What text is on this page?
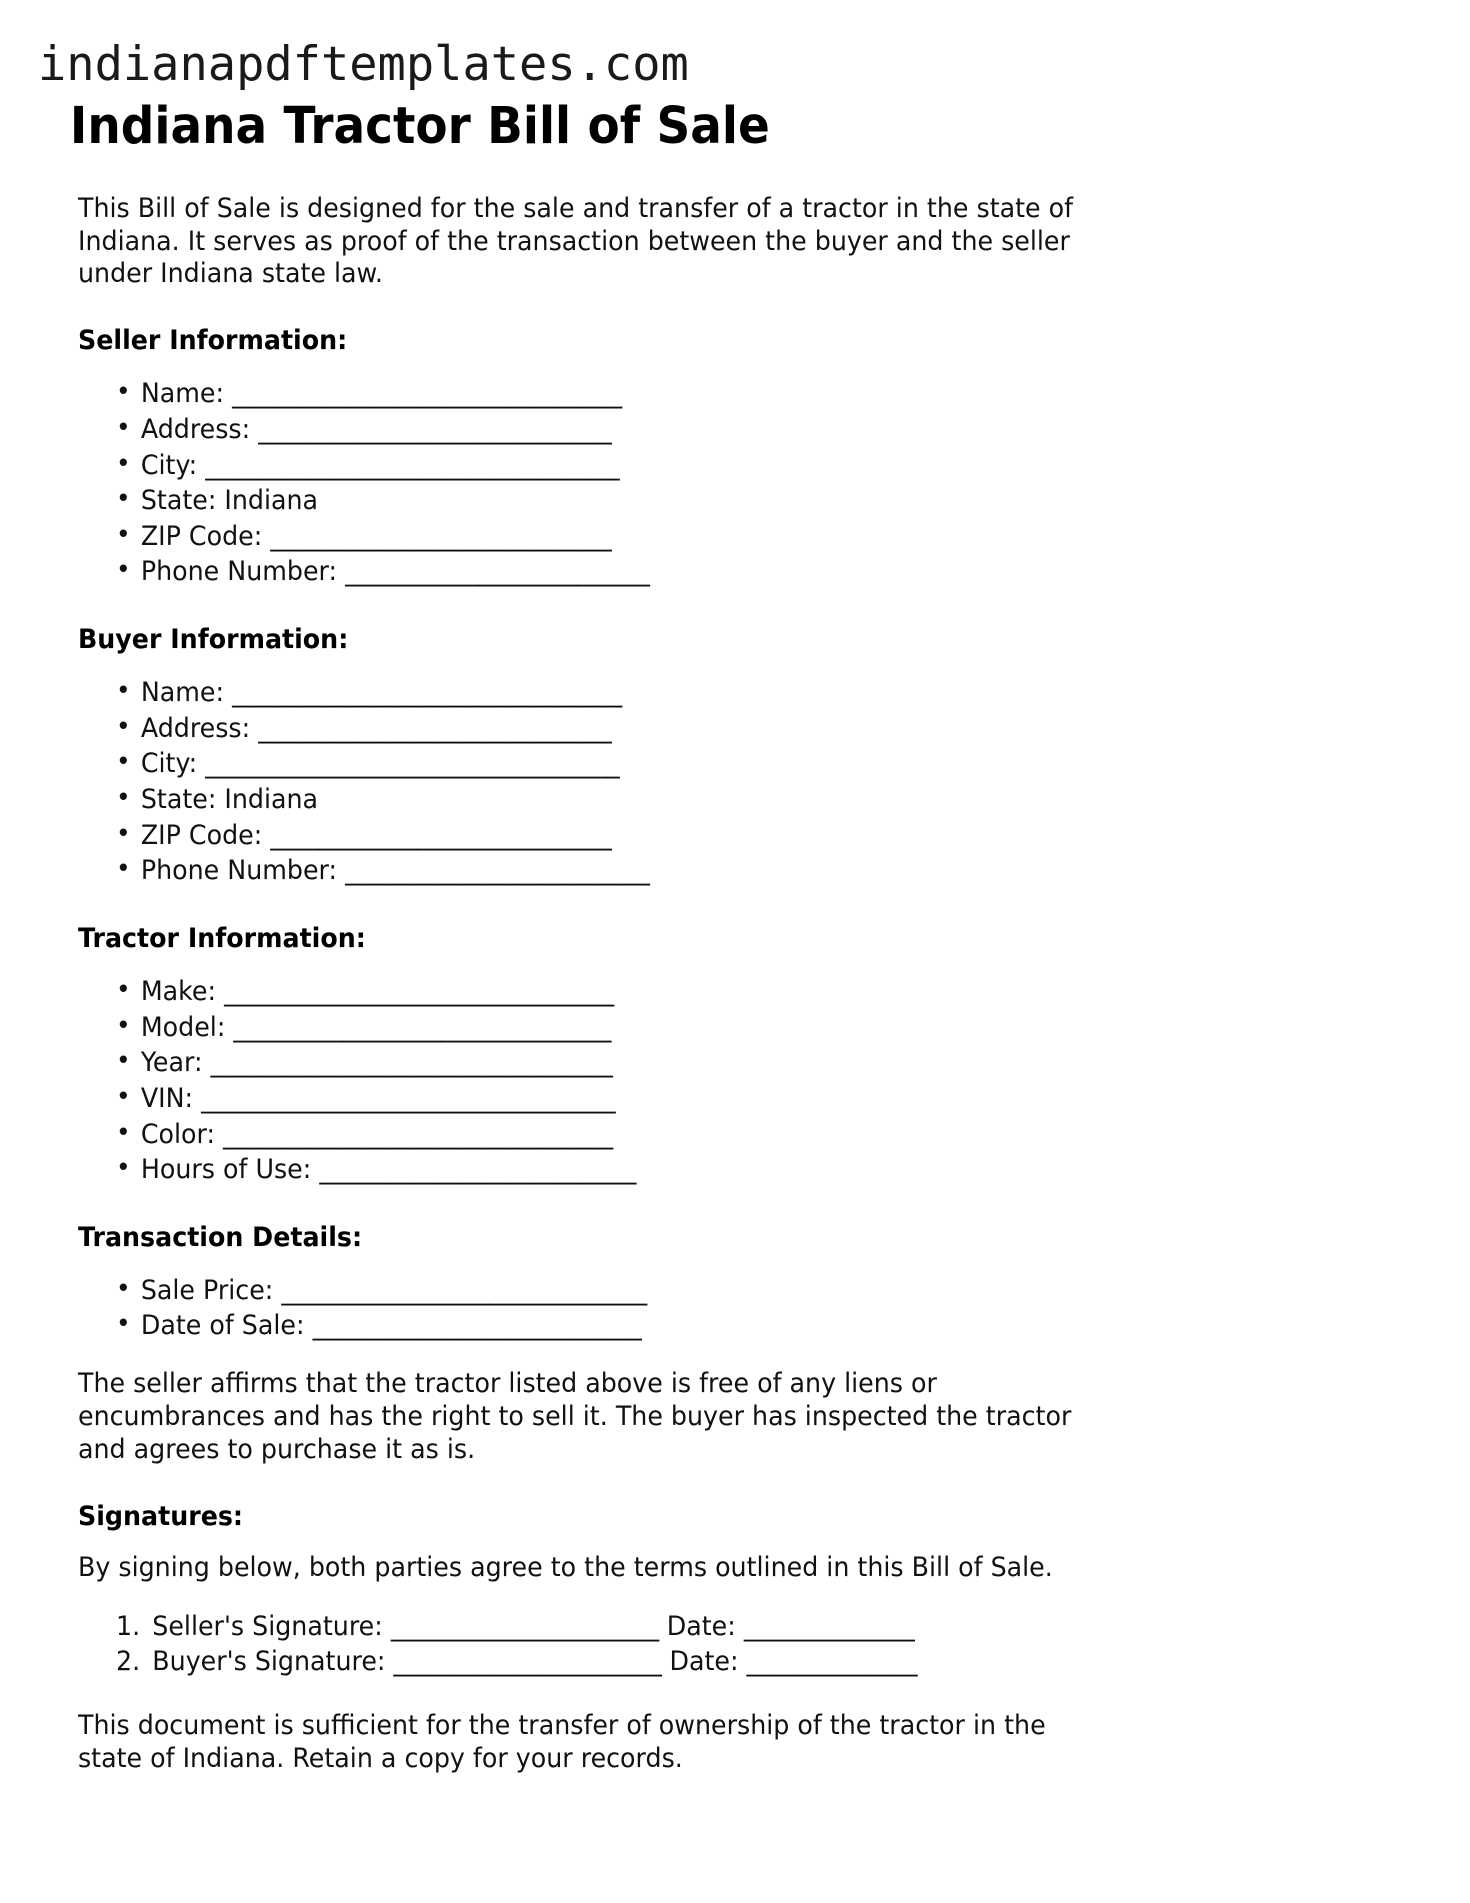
indianapdftemplates.com
Indiana Tractor Bill of Sale

This Bill of Sale is designed for the sale and transfer of a tractor in the state of Indiana. It serves as proof of the transaction between the buyer and the seller under Indiana state law.

Seller Information:
• Name: ________________________________
• Address: _____________________________
• City: __________________________________
• State: Indiana
• ZIP Code: ____________________________
• Phone Number: _________________________
Buyer Information:
• Name: ________________________________
• Address: _____________________________
• City: __________________________________
• State: Indiana
• ZIP Code: ____________________________
• Phone Number: _________________________
Tractor Information:
• Make: ________________________________
• Model: _______________________________
• Year: _________________________________
• VIN: __________________________________
• Color: ________________________________
• Hours of Use: __________________________
Transaction Details:
• Sale Price: ______________________________
• Date of Sale: ___________________________

The seller affirms that the tractor listed above is free of any liens or encumbrances and has the right to sell it. The buyer has inspected the tractor and agrees to purchase it as is.

Signatures:

By signing below, both parties agree to the terms outlined in this Bill of Sale.

Seller's Signature: ______________________ Date: ______________
Buyer's Signature: ______________________ Date: ______________

This document is sufficient for the transfer of ownership of the tractor in the state of Indiana. Retain a copy for your records.
